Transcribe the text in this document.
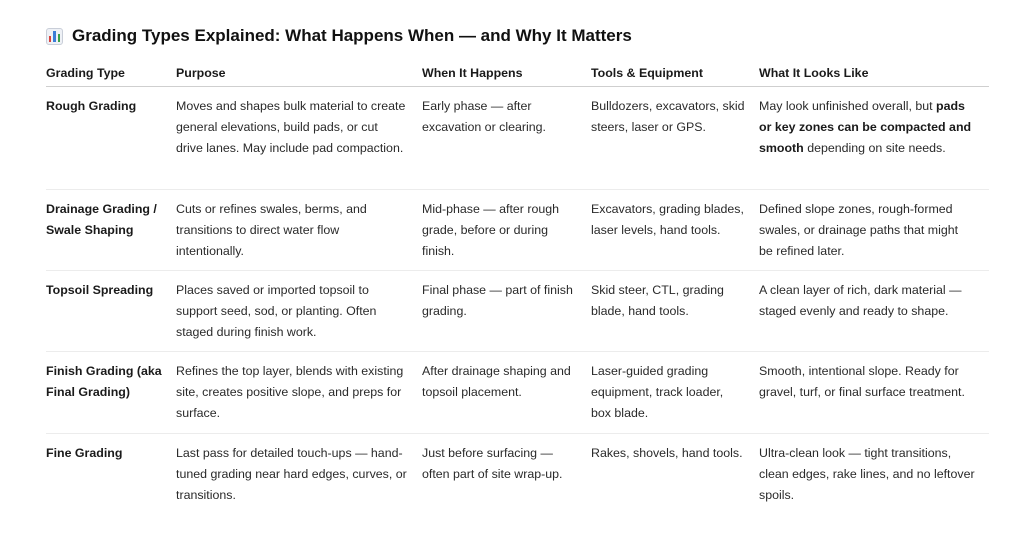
Grading Types Explained: What Happens When — and Why It Matters
Grading Type	Purpose	When It Happens	Tools & Equipment	What It Looks Like

Rough Grading	Moves and shapes bulk material to create general elevations, build pads, or cut drive lanes. May include pad compaction.	Early phase — after excavation or clearing.	Bulldozers, excavators, skid steers, laser or GPS.	May look unfinished overall, but pads or key zones can be compacted and smooth depending on site needs.

Drainage Grading / Swale Shaping	Cuts or refines swales, berms, and transitions to direct water flow intentionally.	Mid-phase — after rough grade, before or during finish.	Excavators, grading blades, laser levels, hand tools.	Defined slope zones, rough-formed swales, or drainage paths that might be refined later.

Topsoil Spreading	Places saved or imported topsoil to support seed, sod, or planting. Often staged during finish work.	Final phase — part of finish grading.	Skid steer, CTL, grading blade, hand tools.	A clean layer of rich, dark material — staged evenly and ready to shape.

Finish Grading (aka Final Grading)	Refines the top layer, blends with existing site, creates positive slope, and preps for surface.	After drainage shaping and topsoil placement.	Laser-guided grading equipment, track loader, box blade.	Smooth, intentional slope. Ready for gravel, turf, or final surface treatment.

Fine Grading	Last pass for detailed touch-ups — hand-tuned grading near hard edges, curves, or transitions.	Just before surfacing — often part of site wrap-up.	Rakes, shovels, hand tools.	Ultra-clean look — tight transitions, clean edges, rake lines, and no leftover spoils.
